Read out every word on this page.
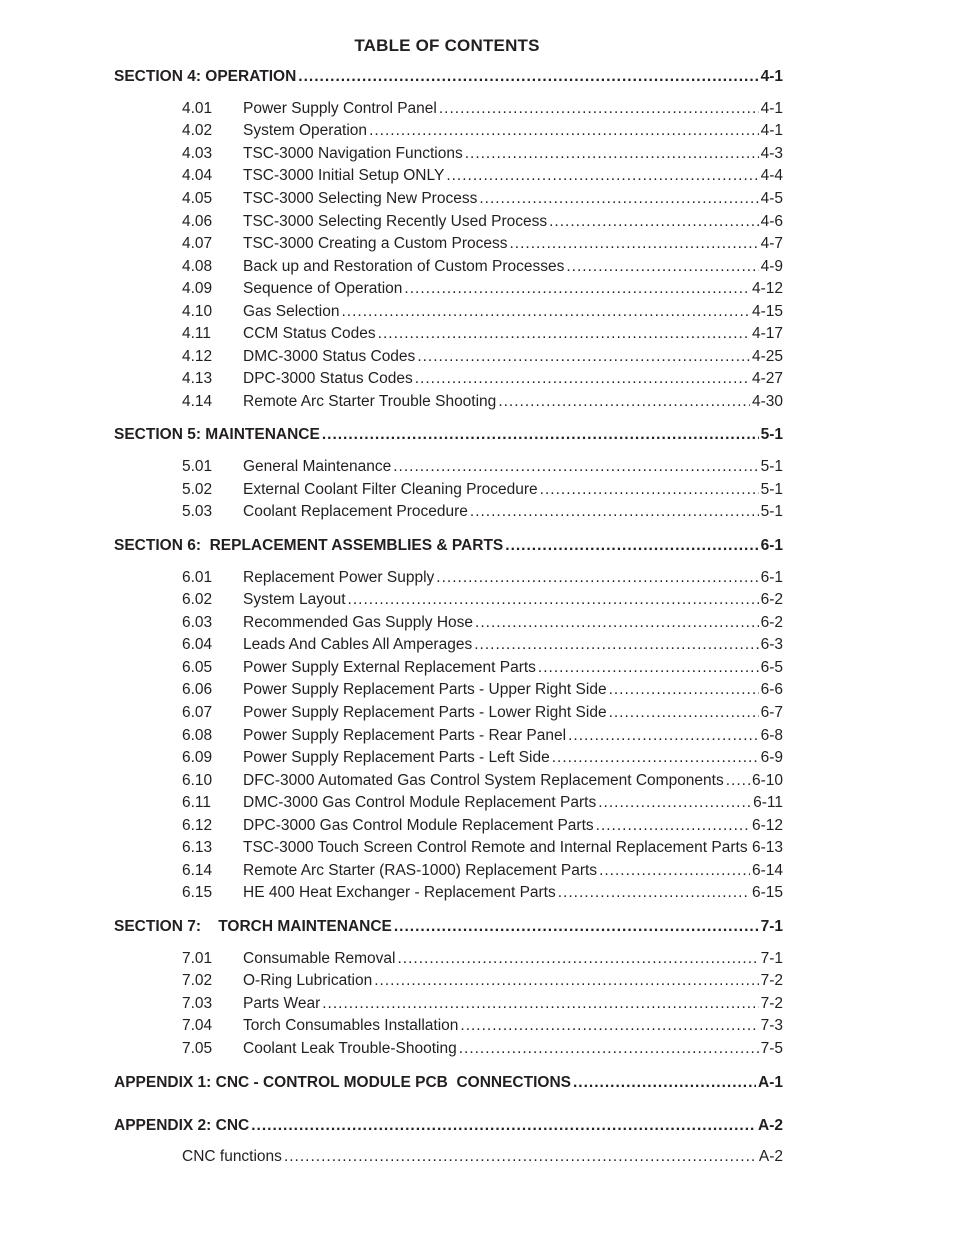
TABLE OF CONTENTS
SECTION 4: OPERATION .....	4-1
4.01	Power Supply Control Panel .....	4-1
4.02	System Operation .....	4-1
4.03	TSC-3000 Navigation Functions .....	4-3
4.04	TSC-3000 Initial Setup ONLY .....	4-4
4.05	TSC-3000 Selecting New Process .....	4-5
4.06	TSC-3000 Selecting Recently Used Process .....	4-6
4.07	TSC-3000 Creating a Custom Process .....	4-7
4.08	Back up and Restoration of Custom Processes .....	4-9
4.09	Sequence of Operation .....	4-12
4.10	Gas Selection .....	4-15
4.11	CCM Status Codes .....	4-17
4.12	DMC-3000 Status Codes .....	4-25
4.13	DPC-3000 Status Codes .....	4-27
4.14	Remote Arc Starter Trouble Shooting .....	4-30
SECTION 5: MAINTENANCE .....	5-1
5.01	General Maintenance .....	5-1
5.02	External Coolant Filter Cleaning Procedure .....	5-1
5.03	Coolant Replacement Procedure .....	5-1
SECTION 6:  REPLACEMENT ASSEMBLIES & PARTS .....	6-1
6.01	Replacement Power Supply .....	6-1
6.02	System Layout .....	6-2
6.03	Recommended Gas Supply Hose .....	6-2
6.04	Leads And Cables All Amperages .....	6-3
6.05	Power Supply External Replacement Parts .....	6-5
6.06	Power Supply Replacement Parts - Upper Right Side .....	6-6
6.07	Power Supply Replacement Parts - Lower Right Side .....	6-7
6.08	Power Supply Replacement Parts - Rear Panel .....	6-8
6.09	Power Supply Replacement Parts - Left Side .....	6-9
6.10	DFC-3000 Automated Gas Control System Replacement Components ..... 6-10
6.11	DMC-3000 Gas Control Module Replacement Parts .....	6-11
6.12	DPC-3000 Gas Control Module Replacement Parts .....	6-12
6.13	TSC-3000 Touch Screen Control Remote and Internal Replacement Parts ..... 6-13
6.14	Remote Arc Starter (RAS-1000) Replacement Parts .....	6-14
6.15	HE 400 Heat Exchanger - Replacement Parts .....	6-15
SECTION 7:    TORCH MAINTENANCE .....	7-1
7.01	Consumable Removal .....	7-1
7.02	O-Ring Lubrication .....	7-2
7.03	Parts Wear .....	7-2
7.04	Torch Consumables Installation .....	7-3
7.05	Coolant Leak Trouble-Shooting .....	7-5
APPENDIX 1: CNC - CONTROL MODULE PCB  CONNECTIONS .....	A-1
APPENDIX 2: CNC .....	A-2
CNC functions .....	A-2
